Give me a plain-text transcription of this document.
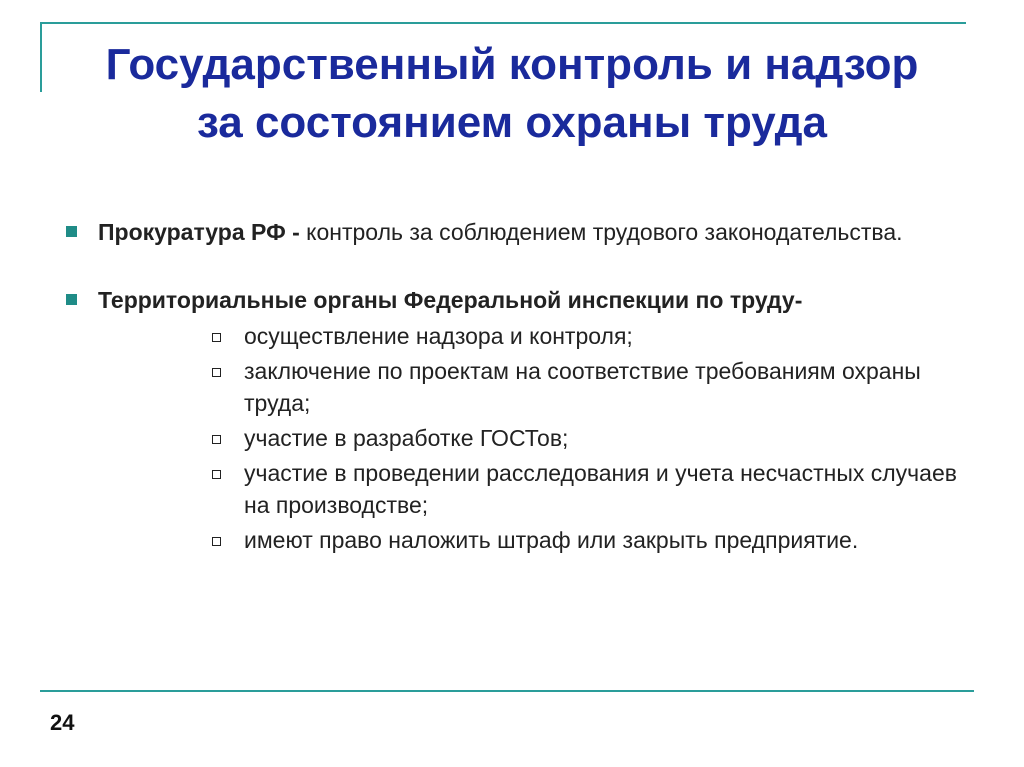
Государственный контроль и надзор
за состоянием охраны труда
Прокуратура РФ - контроль за соблюдением трудового законодательства.
Территориальные органы Федеральной инспекции по труду-
осуществление надзора и контроля;
заключение по проектам на соответствие требованиям охраны труда;
участие в разработке ГОСТов;
участие в проведении расследования и учета несчастных случаев на производстве;
имеют право наложить штраф или закрыть предприятие.
24
